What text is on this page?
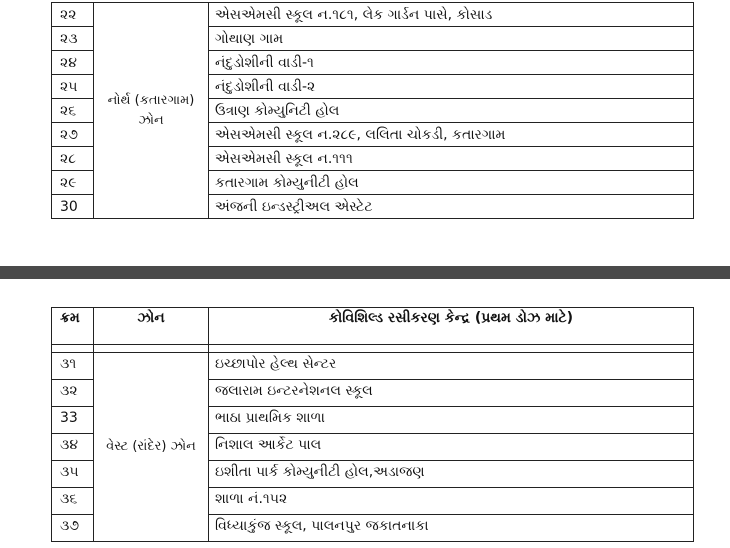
૨૨	નોર્થ (કતારગામ) ઝોન	એસએમસી સ્કૂલ ન.૧૮૧, લેક ગાર્ડન પાસે, કોસાડ
૨૩		ગોથાણ ગામ
૨૪		નંદુડોશીની વાડી-૧
૨૫		નંદુડોશીની વાડી-૨
૨૬		ઉત્રાણ કોમ્યુનિટી હોલ
૨૭		એસએમસી સ્કૂલ ન.૨૮૯, લલિતા ચોકડી, કતારગામ
૨૮		એસએમસી સ્કૂલ ન.૧૧૧
૨૯		કતારગામ કોમ્યુનીટી હોલ
30		અંજની ઇન્ડસ્ટ્રીઅલ એસ્ટેટ
ક્રમ	ઝોન	કોવિશિલ્ડ રસીકરણ કેન્દ્ર (પ્રથમ ડોઝ માટે)

૩૧	વેસ્ટ (રાંદેર) ઝોન	ઇચ્છાપોર હેલ્થ સેન્ટર
૩૨		જલારામ ઇન્ટરનેશનલ સ્કૂલ
33		ભાઠા પ્રાથમિક શાળા
૩૪		નિશાલ આર્કેટ પાલ
૩૫		ઇશીતા પાર્ક કોમ્યુનીટી હોલ,અડાજણ
૩૬		શાળા નં.૧૫૨
૩૭		વિધ્યાકુંજ સ્કૂલ, પાલનપુર જકાતનાકા
